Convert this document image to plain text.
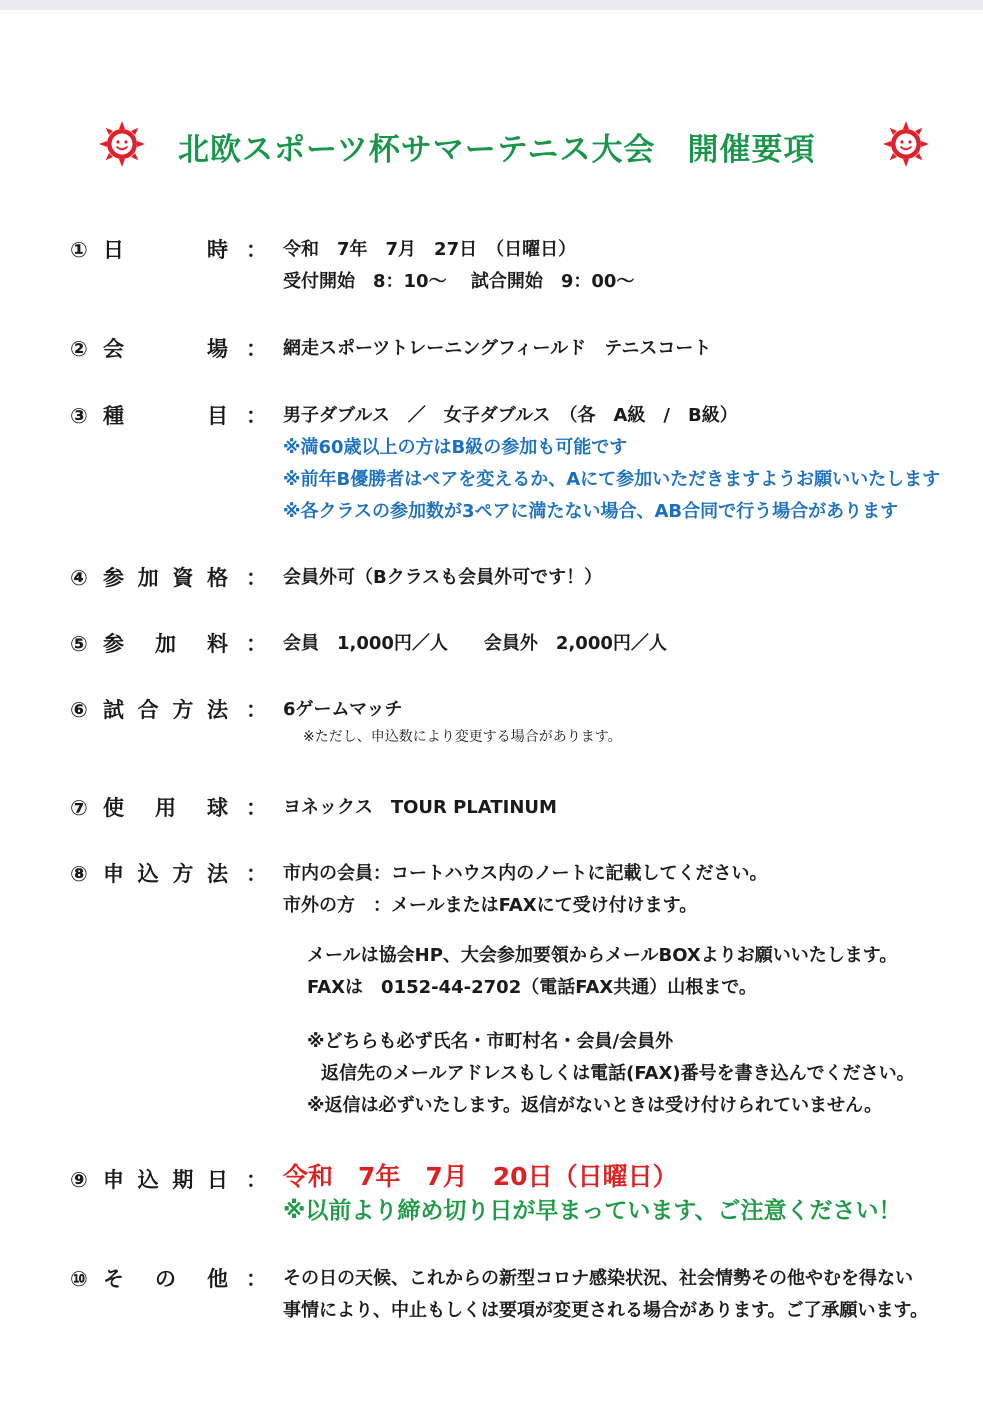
北欧スポーツ杯サマーテニス大会　開催要項
① 日	時 ： 令和　7年　7月　27日　（日曜日）
受付開始　8：10～　 試合開始　9：00～
② 会	場 ： 網走スポーツトレーニングフィールド　テニスコート
③ 種	目 ： 男子ダブルス　／　女子ダブルス　（各　A級　/　B級）
※満60歳以上の方はB級の参加も可能です
※前年B優勝者はペアを変えるか、Aにて参加いただきますようお願いいたします
※各クラスの参加数が3ペアに満たない場合、AB合同で行う場合があります
④ 参 加 資 格 ： 会員外可（Bクラスも会員外可です！）
⑤ 参 加 料 ： 会員　1,000円／人　　会員外　2,000円／人
⑥ 試 合 方 法 ： 6ゲームマッチ
※ただし、申込数により変更する場合があります。
⑦ 使 用 球 ： ヨネックス　TOUR PLATINUM
⑧ 申 込 方 法 ： 市内の会員：コートハウス内のノートに記載してください。
市外の方　：メールまたはFAXにて受け付けます。
メールは協会HP、大会参加要領からメールBOXよりお願いいたします。
FAXは　0152-44-2702（電話FAX共通）山根まで。
※どちらも必ず氏名・市町村名・会員/会員外
返信先のメールアドレスもしくは電話(FAX)番号を書き込んでください。
※返信は必ずいたします。返信がないときは受け付けられていません。
⑨ 申 込 期 日 ： 令和　7年　7月　20日（日曜日）
※以前より締め切り日が早まっています、ご注意ください！
⑩ そ の 他 ： その日の天候、これからの新型コロナ感染状況、社会情勢その他やむを得ない
事情により、中止もしくは要項が変更される場合があります。ご了承願います。
